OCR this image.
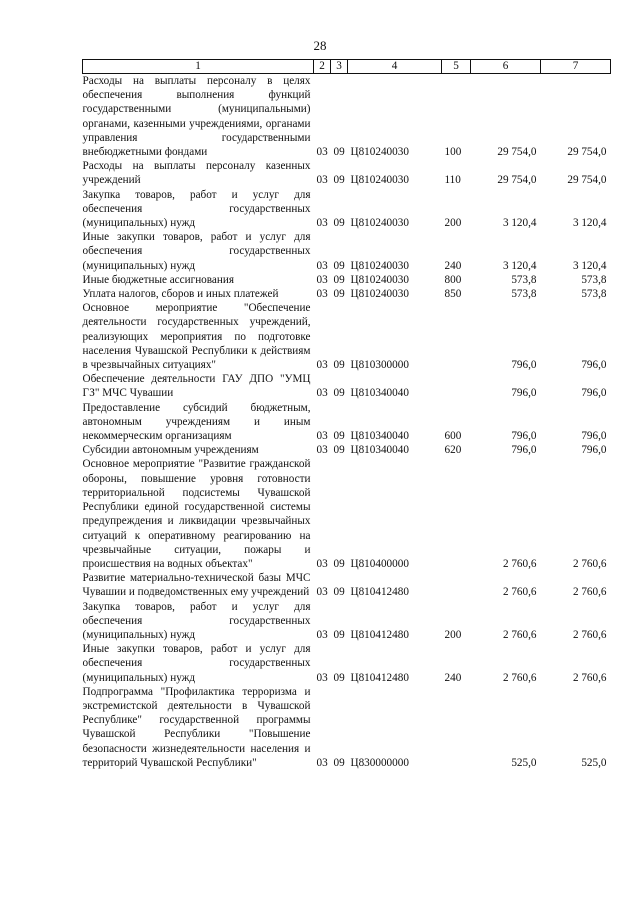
28
1	2	3	4	5	6	7
Расходы на выплаты персоналу в целях обеспечения выполнения функций государственными (муниципальными) органами, казенными учреждениями, органами управления государственными внебюджетными фондами	03	09	Ц810240030	100	29 754,0	29 754,0
Расходы на выплаты персоналу казенных учреждений	03	09	Ц810240030	110	29 754,0	29 754,0
Закупка товаров, работ и услуг для обеспечения государственных (муниципальных) нужд	03	09	Ц810240030	200	3 120,4	3 120,4
Иные закупки товаров, работ и услуг для обеспечения государственных (муниципальных) нужд	03	09	Ц810240030	240	3 120,4	3 120,4
Иные бюджетные ассигнования	03	09	Ц810240030	800	573,8	573,8
Уплата налогов, сборов и иных платежей	03	09	Ц810240030	850	573,8	573,8
Основное мероприятие "Обеспечение деятельности государственных учреждений, реализующих мероприятия по подготовке населения Чувашской Республики к действиям в чрезвычайных ситуациях"	03	09	Ц810300000		796,0	796,0
Обеспечение деятельности ГАУ ДПО "УМЦ ГЗ" МЧС Чувашии	03	09	Ц810340040		796,0	796,0
Предоставление субсидий бюджетным, автономным учреждениям и иным некоммерческим организациям	03	09	Ц810340040	600	796,0	796,0
Субсидии автономным учреждениям	03	09	Ц810340040	620	796,0	796,0
Основное мероприятие "Развитие гражданской обороны, повышение уровня готовности территориальной подсистемы Чувашской Республики единой государственной системы предупреждения и ликвидации чрезвычайных ситуаций к оперативному реагированию на чрезвычайные ситуации, пожары и происшествия на водных объектах"	03	09	Ц810400000		2 760,6	2 760,6
Развитие материально-технической базы МЧС Чувашии и подведомственных ему учреждений	03	09	Ц810412480		2 760,6	2 760,6
Закупка товаров, работ и услуг для обеспечения государственных (муниципальных) нужд	03	09	Ц810412480	200	2 760,6	2 760,6
Иные закупки товаров, работ и услуг для обеспечения государственных (муниципальных) нужд	03	09	Ц810412480	240	2 760,6	2 760,6
Подпрограмма "Профилактика терроризма и экстремистской деятельности в Чувашской Республике" государственной программы Чувашской Республики "Повышение безопасности жизнедеятельности населения и территорий Чувашской Республики"	03	09	Ц830000000		525,0	525,0
